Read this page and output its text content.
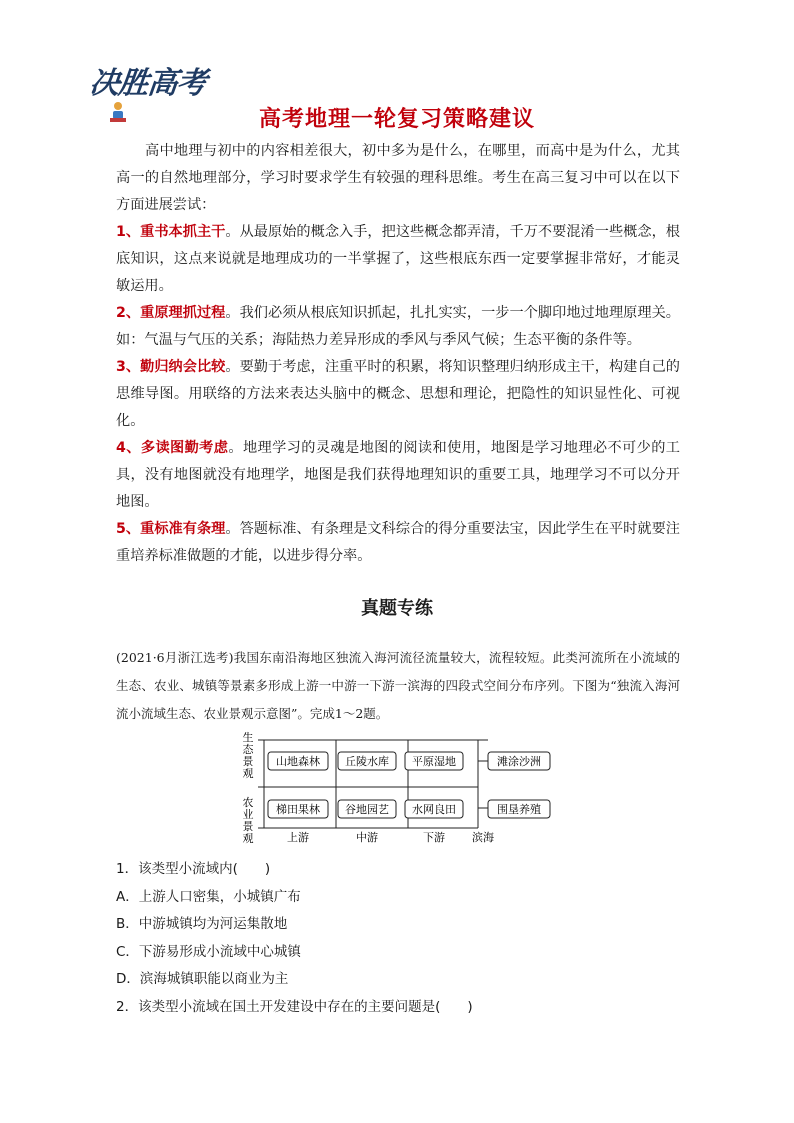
决胜高考
高考地理一轮复习策略建议

高中地理与初中的内容相差很大，初中多为是什么，在哪里，而高中是为什么，尤其高一的自然地理部分，学习时要求学生有较强的理科思维。考生在高三复习中可以在以下方面进展尝试：

1、重书本抓主干。从最原始的概念入手，把这些概念都弄清，千万不要混淆一些概念，根底知识，这点来说就是地理成功的一半掌握了，这些根底东西一定要掌握非常好，才能灵敏运用。

2、重原理抓过程。我们必须从根底知识抓起，扎扎实实，一步一个脚印地过地理原理关。如：气温与气压的关系；海陆热力差异形成的季风与季风气候；生态平衡的条件等。

3、勤归纳会比较。要勤于考虑，注重平时的积累，将知识整理归纳形成主干，构建自己的思维导图。用联络的方法来表达头脑中的概念、思想和理论，把隐性的知识显性化、可视化。

4、多读图勤考虑。地理学习的灵魂是地图的阅读和使用，地图是学习地理必不可少的工具，没有地图就没有地理学，地图是我们获得地理知识的重要工具，地理学习不可以分开地图。

5、重标准有条理。答题标准、有条理是文科综合的得分重要法宝，因此学生在平时就要注重培养标准做题的才能，以进步得分率。

真题专练
(2021·6月浙江选考)我国东南沿海地区独流入海河流径流量较大，流程较短。此类河流所在小流域的生态、农业、城镇等景素多形成上游一中游一下游一滨海的四段式空间分布序列。下图为“独流入海河流小流域生态、农业景观示意图”。完成1～2题。
生
态
景
观
农
业
景
观
山地森林 丘陵水库 平原湿地	滩涂沙洲
梯田果林 谷地园艺 水网良田	围垦养殖
上游	中游	下游 滨海
1．该类型小流域内(　　)
A．上游人口密集，小城镇广布
B．中游城镇均为河运集散地
C．下游易形成小流域中心城镇
D．滨海城镇职能以商业为主
2．该类型小流域在国土开发建设中存在的主要问题是(　　)
